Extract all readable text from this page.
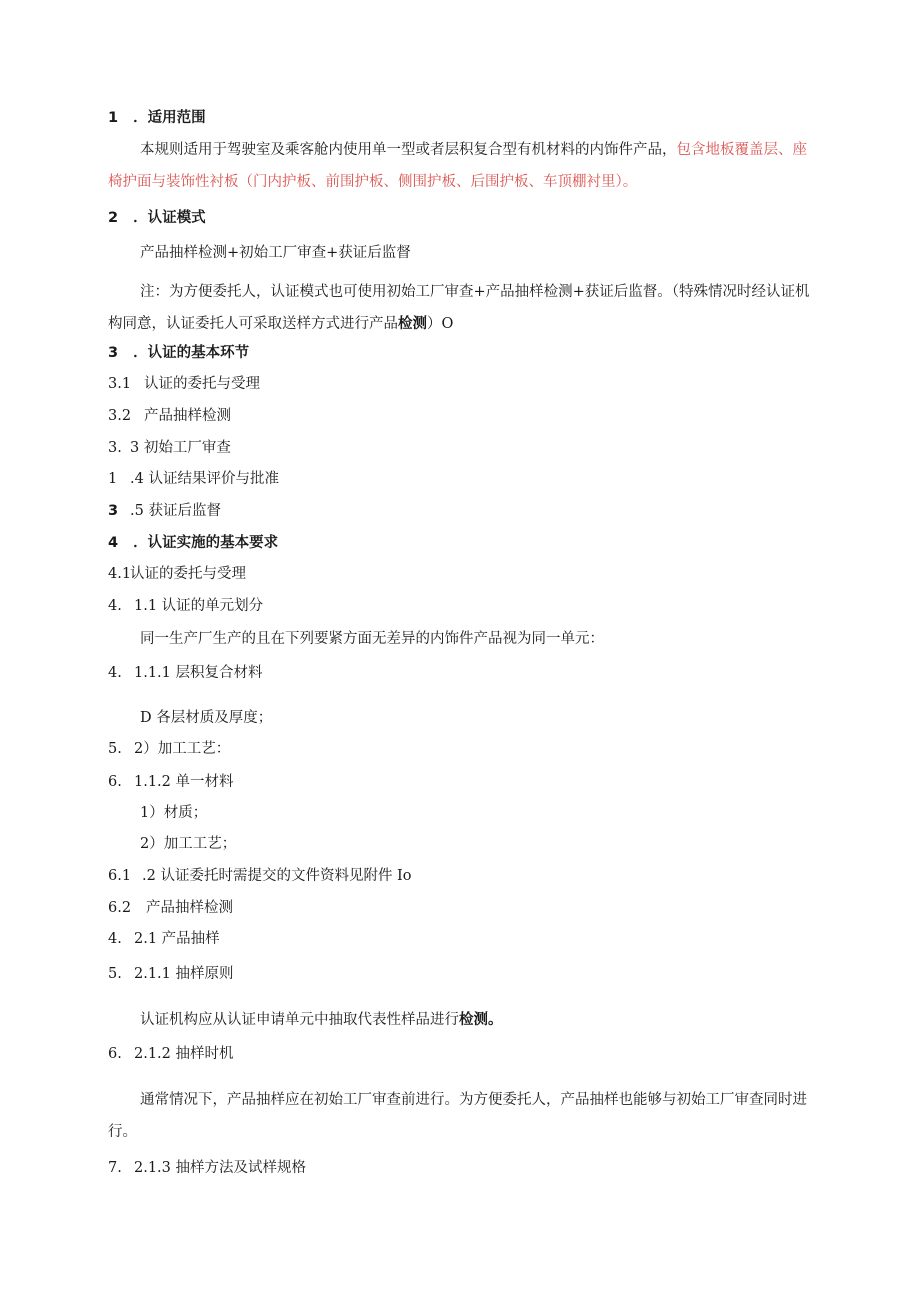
1 ．适用范围
本规则适用于驾驶室及乘客舱内使用单一型或者层积复合型有机材料的内饰件产品，包含地板覆盖层、座椅护面与装饰性衬板（门内护板、前围护板、侧围护板、后围护板、车顶棚衬里）。
2 ．认证模式
产品抽样检测+初始工厂审查+获证后监督
注：为方便委托人，认证模式也可使用初始工厂审查+产品抽样检测+获证后监督。（特殊情况时经认证机构同意，认证委托人可采取送样方式进行产品检测）O
3 ．认证的基本环节
3.1 认证的委托与受理
3.2 产品抽样检测
3. 3 初始工厂审查
1 .4 认证结果评价与批准
3 .5 获证后监督
4 ．认证实施的基本要求
4.1认证的委托与受理
4. 1.1 认证的单元划分
同一生产厂生产的且在下列要紧方面无差异的内饰件产品视为同一单元：
4. 1.1.1 层积复合材料
D 各层材质及厚度；
5. 2）加工工艺：
6. 1.1.2 单一材料
1）材质；
2）加工工艺；
6.1 .2 认证委托时需提交的文件资料见附件 Io
6.2 产品抽样检测
4. 2.1 产品抽样
5. 2.1.1 抽样原则
认证机构应从认证申请单元中抽取代表性样品进行检测。
6. 2.1.2 抽样时机
通常情况下，产品抽样应在初始工厂审查前进行。为方便委托人，产品抽样也能够与初始工厂审查同时进行。
7. 2.1.3 抽样方法及试样规格
